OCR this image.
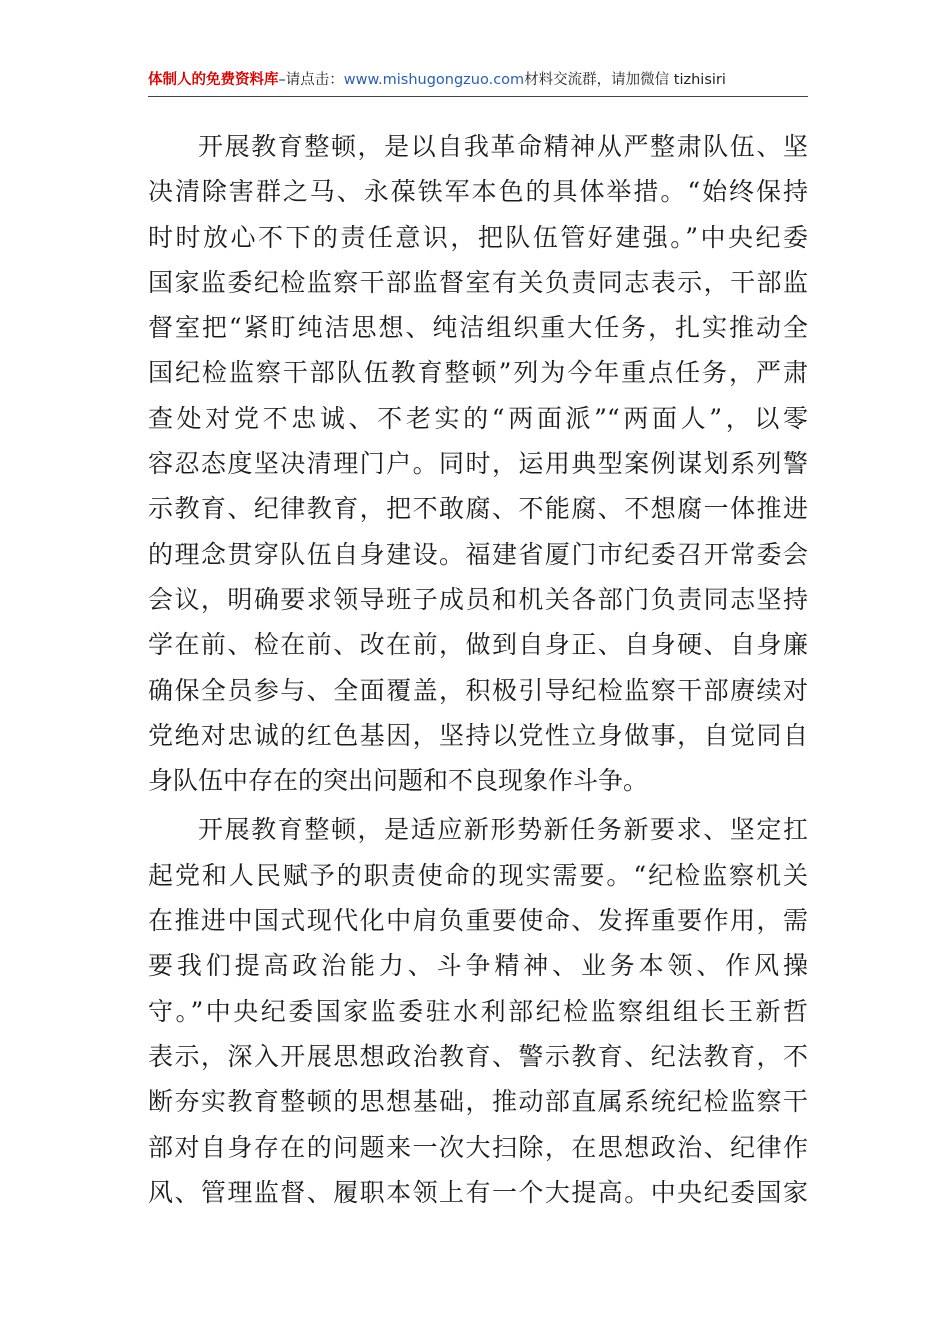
体制人的免费资料库–请点击：www.mishugongzuo.com材料交流群，请加微信 tizhisiri
开展教育整顿，是以自我革命精神从严整肃队伍、坚
决清除害群之马、永葆铁军本色的具体举措。“始终保持
时时放心不下的责任意识，把队伍管好建强。”中央纪委
国家监委纪检监察干部监督室有关负责同志表示，干部监
督室把“紧盯纯洁思想、纯洁组织重大任务，扎实推动全
国纪检监察干部队伍教育整顿”列为今年重点任务，严肃
查处对党不忠诚、不老实的“两面派”“两面人”，以零
容忍态度坚决清理门户。同时，运用典型案例谋划系列警
示教育、纪律教育，把不敢腐、不能腐、不想腐一体推进
的理念贯穿队伍自身建设。福建省厦门市纪委召开常委会
会议，明确要求领导班子成员和机关各部门负责同志坚持
学在前、检在前、改在前，做到自身正、自身硬、自身廉
确保全员参与、全面覆盖，积极引导纪检监察干部赓续对
党绝对忠诚的红色基因，坚持以党性立身做事，自觉同自
身队伍中存在的突出问题和不良现象作斗争。
开展教育整顿，是适应新形势新任务新要求、坚定扛
起党和人民赋予的职责使命的现实需要。“纪检监察机关
在推进中国式现代化中肩负重要使命、发挥重要作用，需
要我们提高政治能力、斗争精神、业务本领、作风操
守。”中央纪委国家监委驻水利部纪检监察组组长王新哲
表示，深入开展思想政治教育、警示教育、纪法教育，不
断夯实教育整顿的思想基础，推动部直属系统纪检监察干
部对自身存在的问题来一次大扫除，在思想政治、纪律作
风、管理监督、履职本领上有一个大提高。中央纪委国家
